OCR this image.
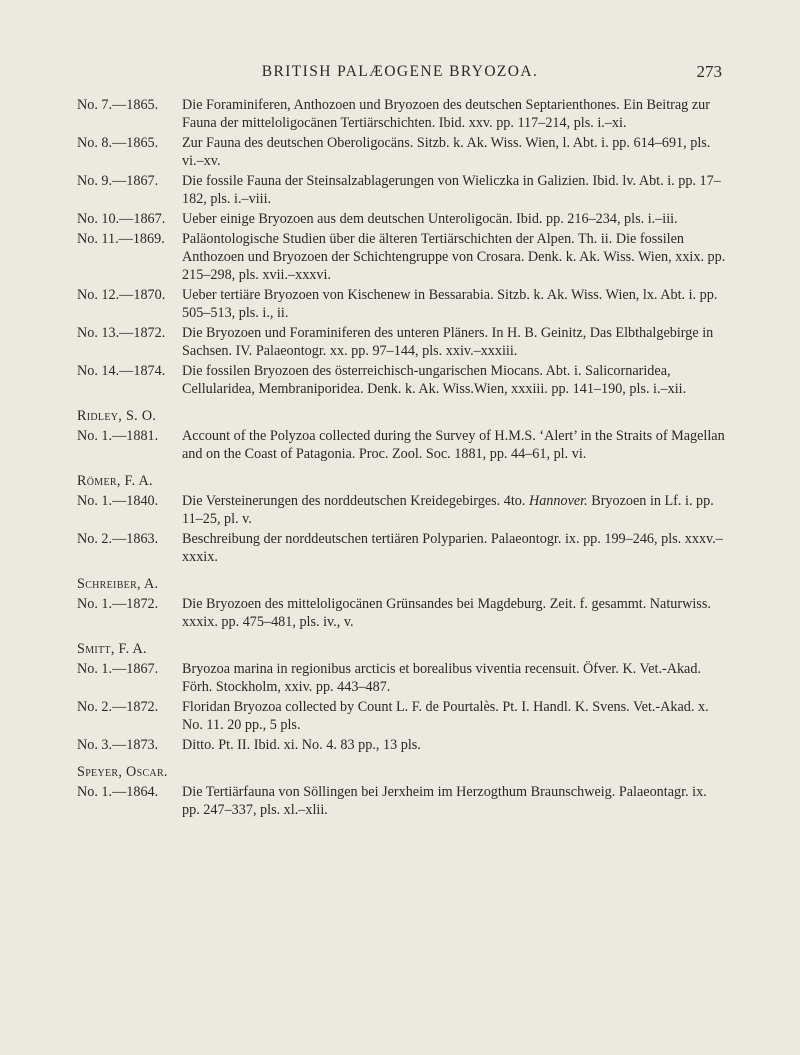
BRITISH PALÆOGENE BRYOZOA.	273
No. 7.—1865. Die Foraminiferen, Anthozoen und Bryozoen des deutschen Septarienthones. Ein Beitrag zur Fauna der mitteloligocänen Tertiärschichten. Ibid. xxv. pp. 117–214, pls. i.–xi.
No. 8.—1865. Zur Fauna des deutschen Oberoligocäns. Sitzb. k. Ak. Wiss. Wien, l. Abt. i. pp. 614–691, pls. vi.–xv.
No. 9.—1867. Die fossile Fauna der Steinsalzablagerungen von Wieliczka in Galizien. Ibid. lv. Abt. i. pp. 17–182, pls. i.–viii.
No. 10.—1867. Ueber einige Bryozoen aus dem deutschen Unteroligocän. Ibid. pp. 216–234, pls. i.–iii.
No. 11.—1869. Paläontologische Studien über die älteren Tertiärschichten der Alpen. Th. ii. Die fossilen Anthozoen und Bryozoen der Schichtengruppe von Crosara. Denk. k. Ak. Wiss. Wien, xxix. pp. 215–298, pls. xvii.–xxxvi.
No. 12.—1870. Ueber tertiäre Bryozoen von Kischenew in Bessarabia. Sitzb. k. Ak. Wiss. Wien, lx. Abt. i. pp. 505–513, pls. i., ii.
No. 13.—1872. Die Bryozoen und Foraminiferen des unteren Pläners. In H. B. Geinitz, Das Elbthalgebirge in Sachsen. IV. Palaeontogr. xx. pp. 97–144, pls. xxiv.–xxxiii.
No. 14.—1874. Die fossilen Bryozoen des österreichisch-ungarischen Miocans. Abt. i. Salicornaridea, Cellularidea, Membraniporidea. Denk. k. Ak. Wiss.Wien, xxxiii. pp. 141–190, pls. i.–xii.
Ridley, S. O.
No. 1.—1881. Account of the Polyzoa collected during the Survey of H.M.S. ‘Alert’ in the Straits of Magellan and on the Coast of Patagonia. Proc. Zool. Soc. 1881, pp. 44–61, pl. vi.
Römer, F. A.
No. 1.—1840. Die Versteinerungen des norddeutschen Kreidegebirges. 4to. Hannover. Bryozoen in Lf. i. pp. 11–25, pl. v.
No. 2.—1863. Beschreibung der norddeutschen tertiären Polyparien. Palaeontogr. ix. pp. 199–246, pls. xxxv.–xxxix.
Schreiber, A.
No. 1.—1872. Die Bryozoen des mitteloligocänen Grünsandes bei Magdeburg. Zeit. f. gesammt. Naturwiss. xxxix. pp. 475–481, pls. iv., v.
Smitt, F. A.
No. 1.—1867. Bryozoa marina in regionibus arcticis et borealibus viventia recensuit. Öfver. K. Vet.-Akad. Förh. Stockholm, xxiv. pp. 443–487.
No. 2.—1872. Floridan Bryozoa collected by Count L. F. de Pourtalès. Pt. I. Handl. K. Svens. Vet.-Akad. x. No. 11. 20 pp., 5 pls.
No. 3.—1873. Ditto. Pt. II. Ibid. xi. No. 4. 83 pp., 13 pls.
Speyer, Oscar.
No. 1.—1864. Die Tertiärfauna von Söllingen bei Jerxheim im Herzogthum Braunschweig. Palaeontagr. ix. pp. 247–337, pls. xl.–xlii.
